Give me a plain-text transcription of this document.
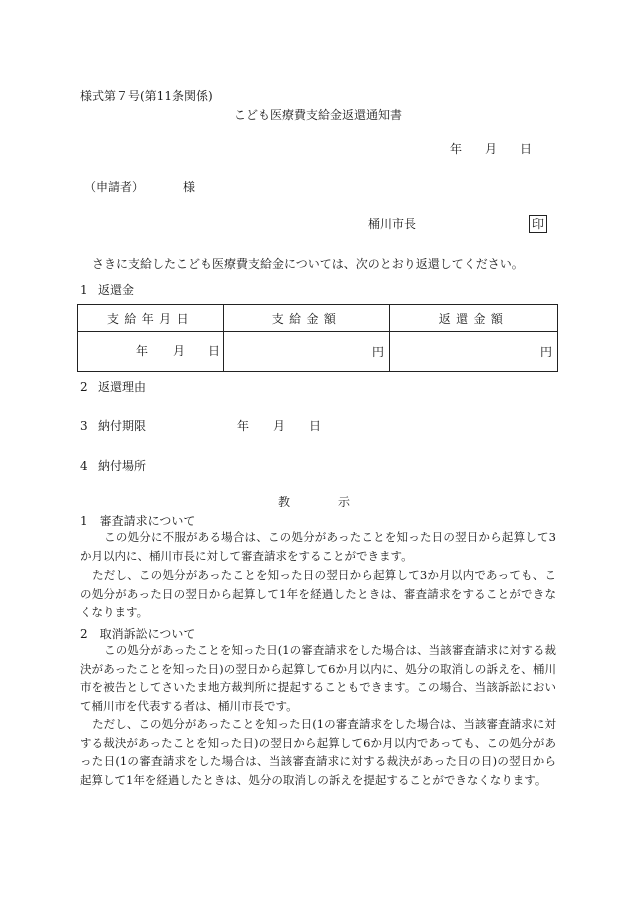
様式第７号(第11条関係)
こども医療費支給金返還通知書
年 月 日
（申請者）	様
桶川市長	印
さきに支給したこども医療費支給金については、次のとおり返還してください。
1 返還金
支給年月日	支給金額	返還金額

年 月 日	円	円
2 返還理由
3 納付期限	年 月 日
4 納付場所
教	示
1　審査請求について
この処分に不服がある場合は、この処分があったことを知った日の翌日から起算して3か月以内に、桶川市長に対して審査請求をすることができます。
ただし、この処分があったことを知った日の翌日から起算して3か月以内であっても、この処分があった日の翌日から起算して1年を経過したときは、審査請求をすることができなくなります。
2　取消訴訟について
この処分があったことを知った日(1の審査請求をした場合は、当該審査請求に対する裁決があったことを知った日)の翌日から起算して6か月以内に、処分の取消しの訴えを、桶川市を被告としてさいたま地方裁判所に提起することもできます。この場合、当該訴訟において桶川市を代表する者は、桶川市長です。
ただし、この処分があったことを知った日(1の審査請求をした場合は、当該審査請求に対する裁決があったことを知った日)の翌日から起算して6か月以内であっても、この処分があった日(1の審査請求をした場合は、当該審査請求に対する裁決があった日の日)の翌日から起算して1年を経過したときは、処分の取消しの訴えを提起することができなくなります。
